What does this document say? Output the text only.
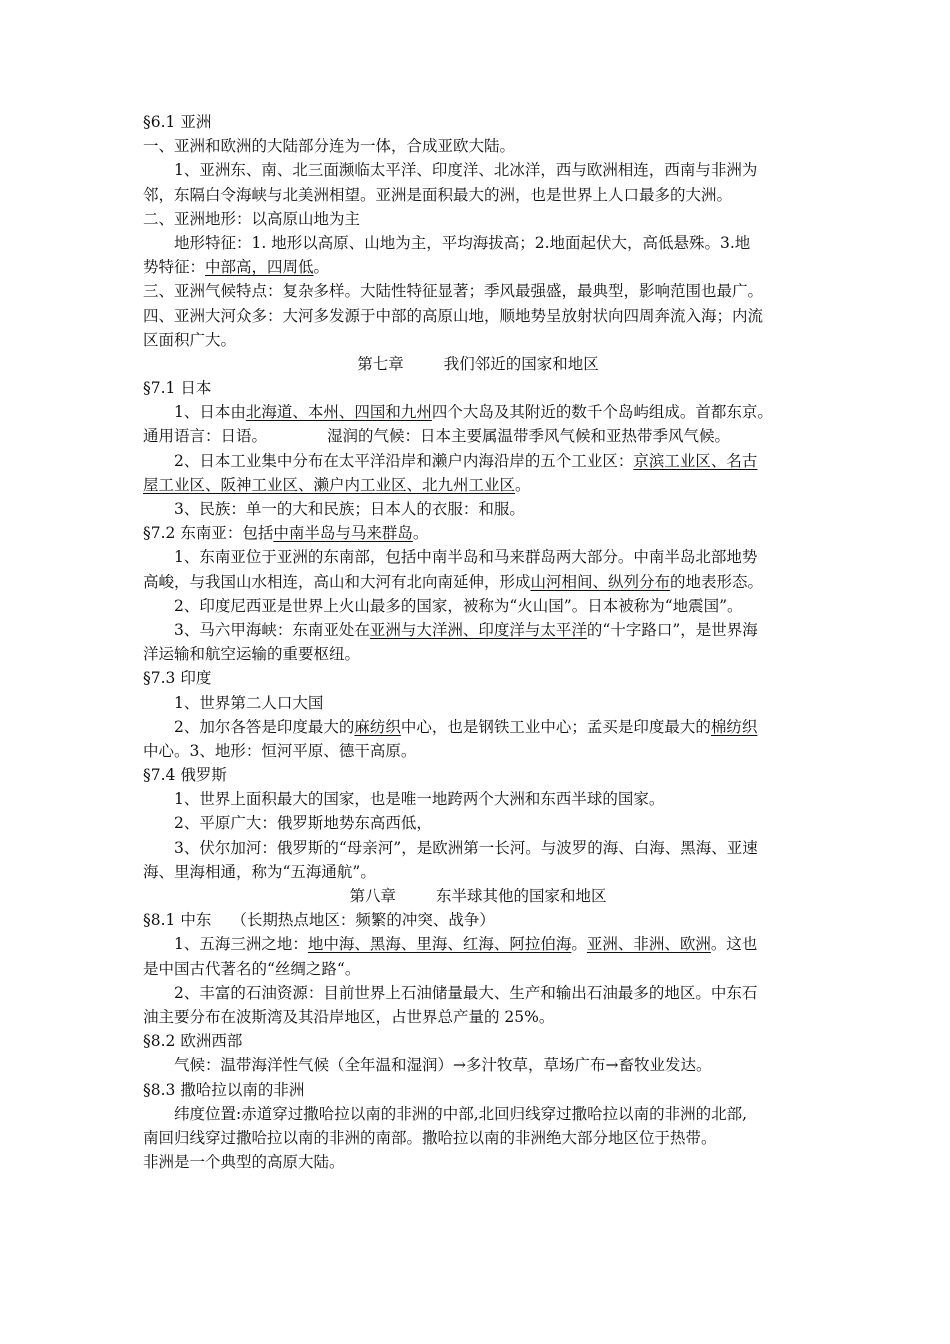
§6.1 亚洲
一、亚洲和欧洲的大陆部分连为一体，合成亚欧大陆。
1、亚洲东、南、北三面濒临太平洋、印度洋、北冰洋，西与欧洲相连，西南与非洲为
邻，东隔白令海峡与北美洲相望。亚洲是面积最大的洲，也是世界上人口最多的大洲。
二、亚洲地形：以高原山地为主
地形特征：1. 地形以高原、山地为主，平均海拔高；2.地面起伏大，高低悬殊。3.地
势特征：中部高，四周低。
三、亚洲气候特点：复杂多样。大陆性特征显著；季风最强盛，最典型，影响范围也最广。
四、亚洲大河众多：大河多发源于中部的高原山地，顺地势呈放射状向四周奔流入海；内流
区面积广大。
第七章	我们邻近的国家和地区
§7.1 日本
1、日本由北海道、本州、四国和九州四个大岛及其附近的数千个岛屿组成。首都东京。
通用语言：日语。	湿润的气候：日本主要属温带季风气候和亚热带季风气候。
2、日本工业集中分布在太平洋沿岸和濑户内海沿岸的五个工业区：京滨工业区、名古
屋工业区、阪神工业区、濑户内工业区、北九州工业区。
3、民族：单一的大和民族；日本人的衣服：和服。
§7.2 东南亚：包括中南半岛与马来群岛。
1、东南亚位于亚洲的东南部，包括中南半岛和马来群岛两大部分。中南半岛北部地势
高峻，与我国山水相连，高山和大河有北向南延伸，形成山河相间、纵列分布的地表形态。
2、印度尼西亚是世界上火山最多的国家，被称为“火山国”。日本被称为“地震国”。
3、马六甲海峡：东南亚处在亚洲与大洋洲、印度洋与太平洋的“十字路口”，是世界海
洋运输和航空运输的重要枢纽。
§7.3 印度
1、世界第二人口大国
2、加尔各答是印度最大的麻纺织中心，也是钢铁工业中心；孟买是印度最大的棉纺织
中心。3、地形：恒河平原、德干高原。
§7.4 俄罗斯
1、世界上面积最大的国家，也是唯一地跨两个大洲和东西半球的国家。
2、平原广大：俄罗斯地势东高西低，
3、伏尔加河：俄罗斯的“母亲河”，是欧洲第一长河。与波罗的海、白海、黑海、亚速
海、里海相通，称为“五海通航”。
第八章	东半球其他的国家和地区
§8.1 中东 （长期热点地区：频繁的冲突、战争）
1、五海三洲之地：地中海、黑海、里海、红海、阿拉伯海。亚洲、非洲、欧洲。这也
是中国古代著名的“丝绸之路“。
2、丰富的石油资源：目前世界上石油储量最大、生产和输出石油最多的地区。中东石
油主要分布在波斯湾及其沿岸地区，占世界总产量的 25%。
§8.2 欧洲西部
气候：温带海洋性气候（全年温和湿润）→多汁牧草，草场广布→畜牧业发达。
§8.3 撒哈拉以南的非洲
纬度位置:赤道穿过撒哈拉以南的非洲的中部,北回归线穿过撒哈拉以南的非洲的北部,
南回归线穿过撒哈拉以南的非洲的南部。撒哈拉以南的非洲绝大部分地区位于热带。
非洲是一个典型的高原大陆。
